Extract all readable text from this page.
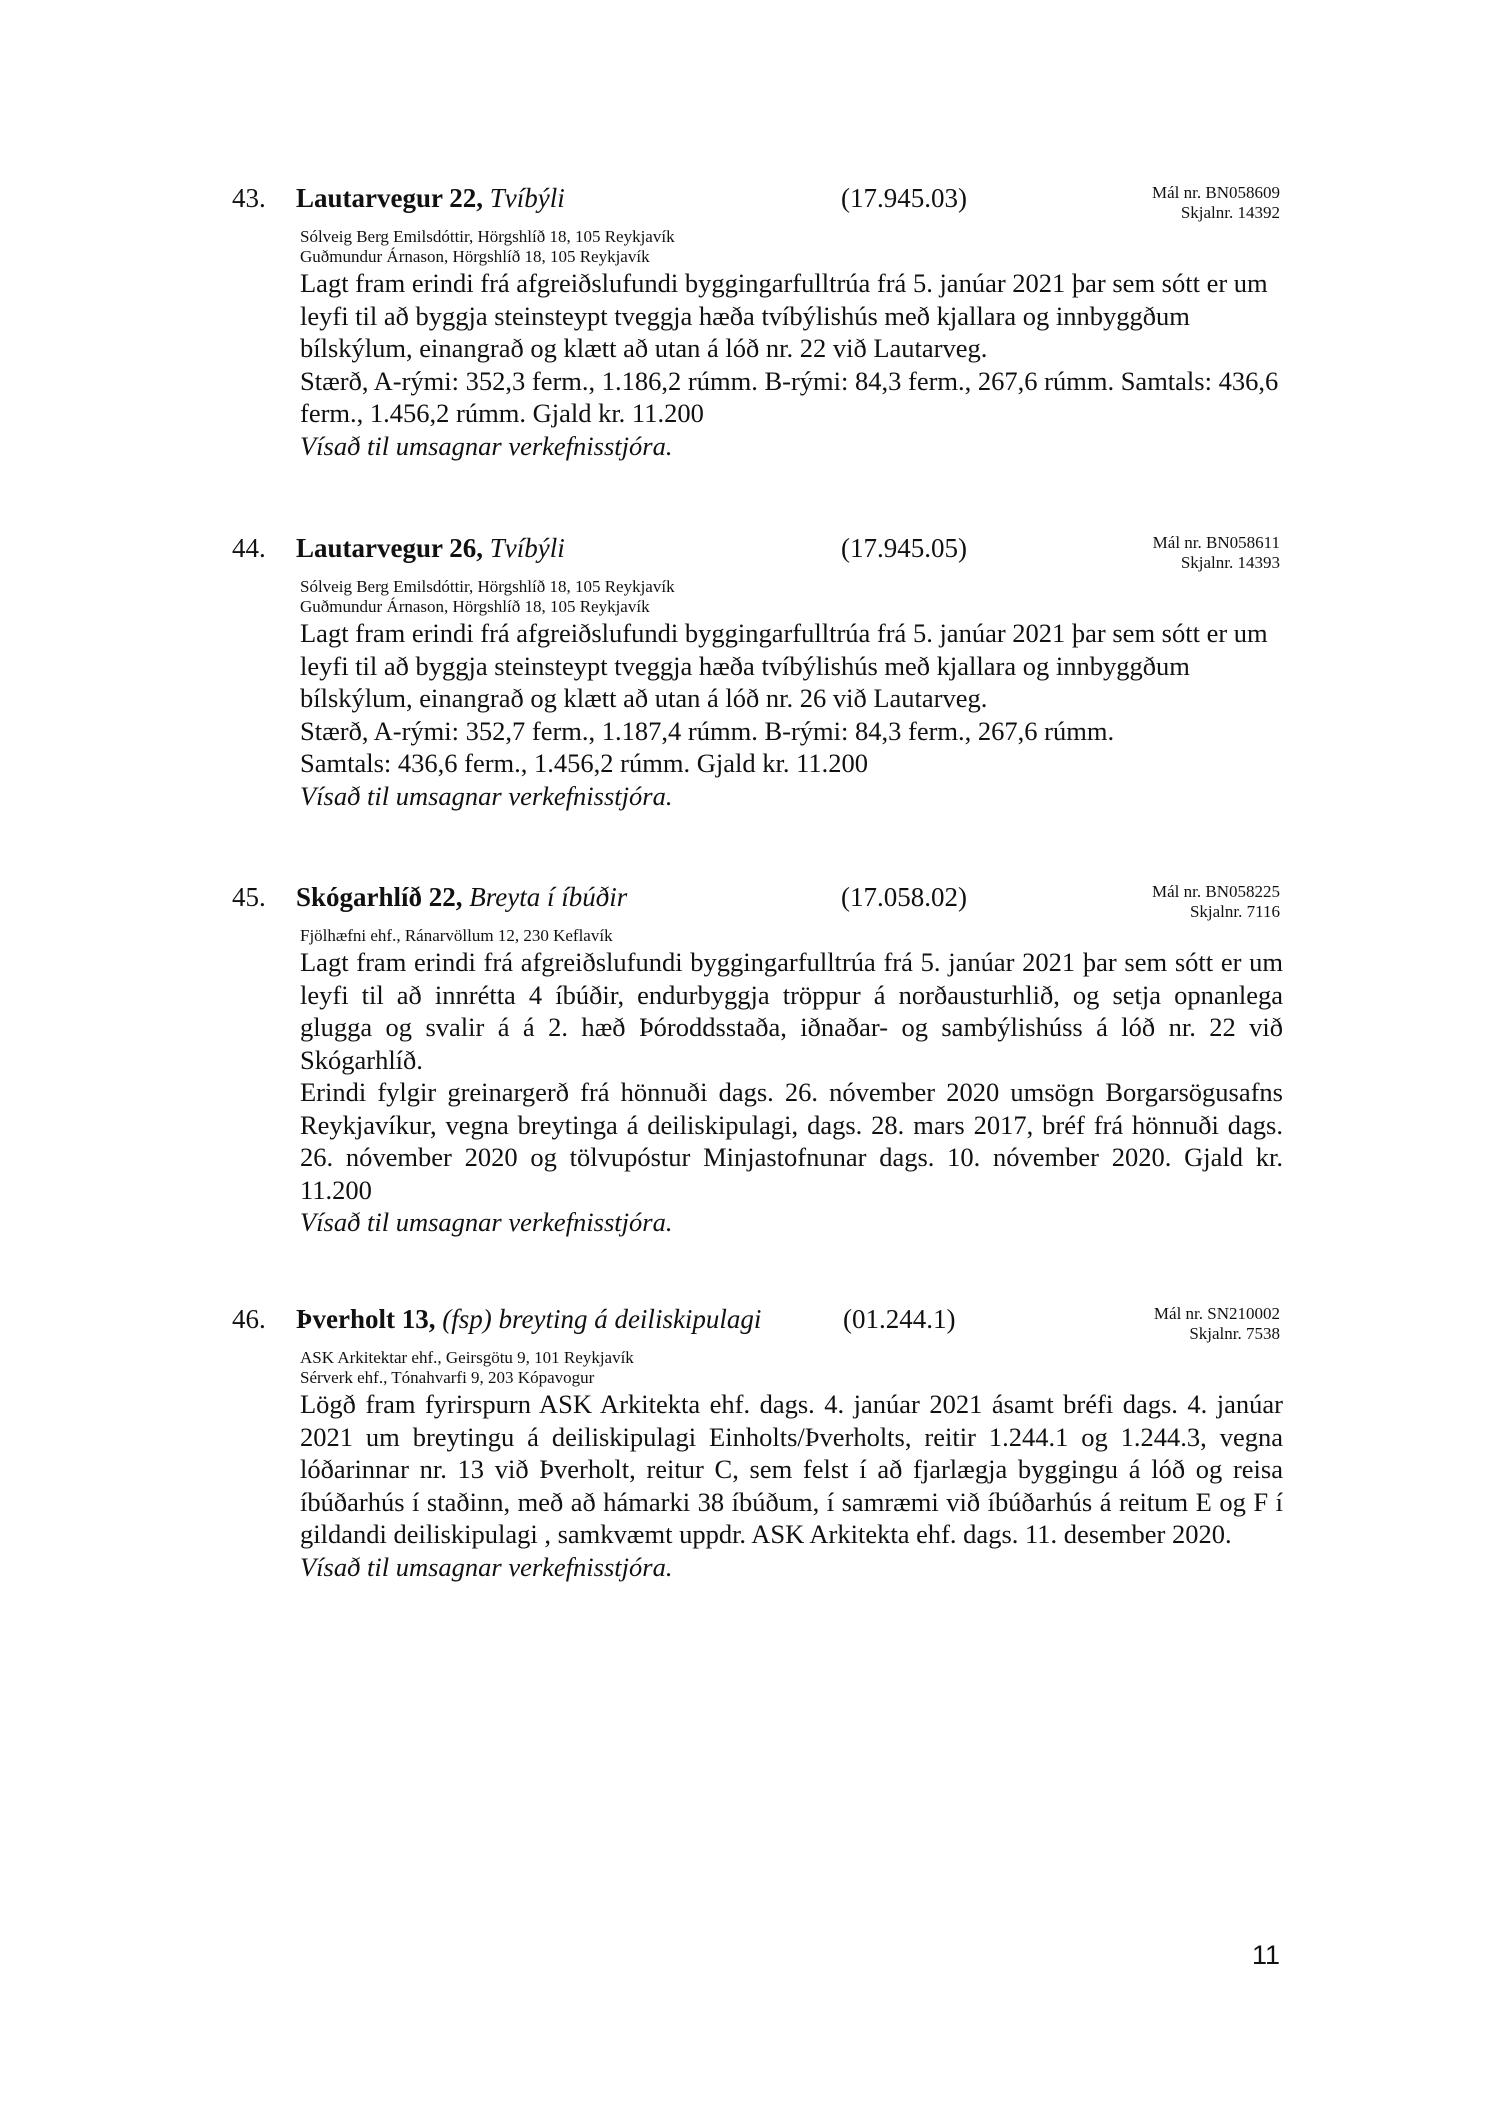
43. Lautarvegur 22, Tvíbýli	(17.945.03)	Mál nr. BN058609
Skjalnr. 14392
Sólveig Berg Emilsdóttir, Hörgshlíð 18, 105 Reykjavík
Guðmundur Árnason, Hörgshlíð 18, 105 Reykjavík

Lagt fram erindi frá afgreiðslufundi byggingarfulltrúa frá 5. janúar 2021 þar sem sótt er um leyfi til að byggja steinsteypt tveggja hæða tvíbýlishús með kjallara og innbyggðum bílskýlum, einangrað og klætt að utan á lóð nr. 22 við Lautarveg.

Stærð, A-rými: 352,3 ferm., 1.186,2 rúmm. B-rými: 84,3 ferm., 267,6 rúmm. Samtals: 436,6 ferm., 1.456,2 rúmm. Gjald kr. 11.200

Vísað til umsagnar verkefnisstjóra.

44. Lautarvegur 26, Tvíbýli	(17.945.05)	Mál nr. BN058611
Skjalnr. 14393
Sólveig Berg Emilsdóttir, Hörgshlíð 18, 105 Reykjavík
Guðmundur Árnason, Hörgshlíð 18, 105 Reykjavík

Lagt fram erindi frá afgreiðslufundi byggingarfulltrúa frá 5. janúar 2021 þar sem sótt er um leyfi til að byggja steinsteypt tveggja hæða tvíbýlishús með kjallara og innbyggðum bílskýlum, einangrað og klætt að utan á lóð nr. 26 við Lautarveg.

Stærð, A-rými: 352,7 ferm., 1.187,4 rúmm. B-rými: 84,3 ferm., 267,6 rúmm. Samtals: 436,6 ferm., 1.456,2 rúmm. Gjald kr. 11.200

Vísað til umsagnar verkefnisstjóra.

45. Skógarhlíð 22, Breyta í íbúðir	(17.058.02)	Mál nr. BN058225
Skjalnr. 7116
Fjölhæfni ehf., Ránarvöllum 12, 230 Keflavík

Lagt fram erindi frá afgreiðslufundi byggingarfulltrúa frá 5. janúar 2021 þar sem sótt er um leyfi til að innrétta 4 íbúðir, endurbyggja tröppur á norðausturhlið, og setja opnanlega glugga og svalir á á 2. hæð Þóroddsstaða, iðnaðar- og sambýlishúss á lóð nr. 22 við Skógarhlíð.

Erindi fylgir greinargerð frá hönnuði dags. 26. nóvember 2020 umsögn Borgarsögusafns Reykjavíkur, vegna breytinga á deiliskipulagi, dags. 28. mars 2017, bréf frá hönnuði dags. 26. nóvember 2020 og tölvupóstur Minjastofnunar dags. 10. nóvember 2020. Gjald kr. 11.200

Vísað til umsagnar verkefnisstjóra.

46. Þverholt 13, (fsp) breyting á deiliskipulagi	(01.244.1)	Mál nr. SN210002
Skjalnr. 7538
ASK Arkitektar ehf., Geirsgötu 9, 101 Reykjavík
Sérverk ehf., Tónahvarfi 9, 203 Kópavogur

Lögð fram fyrirspurn ASK Arkitekta ehf. dags. 4. janúar 2021 ásamt bréfi dags. 4. janúar 2021 um breytingu á deiliskipulagi Einholts/Þverholts, reitir 1.244.1 og 1.244.3, vegna lóðarinnar nr. 13 við Þverholt, reitur C, sem felst í að fjarlægja byggingu á lóð og reisa íbúðarhús í staðinn, með að hámarki 38 íbúðum, í samræmi við íbúðarhús á reitum E og F í gildandi deiliskipulagi , samkvæmt uppdr. ASK Arkitekta ehf. dags. 11. desember 2020.

Vísað til umsagnar verkefnisstjóra.

11
